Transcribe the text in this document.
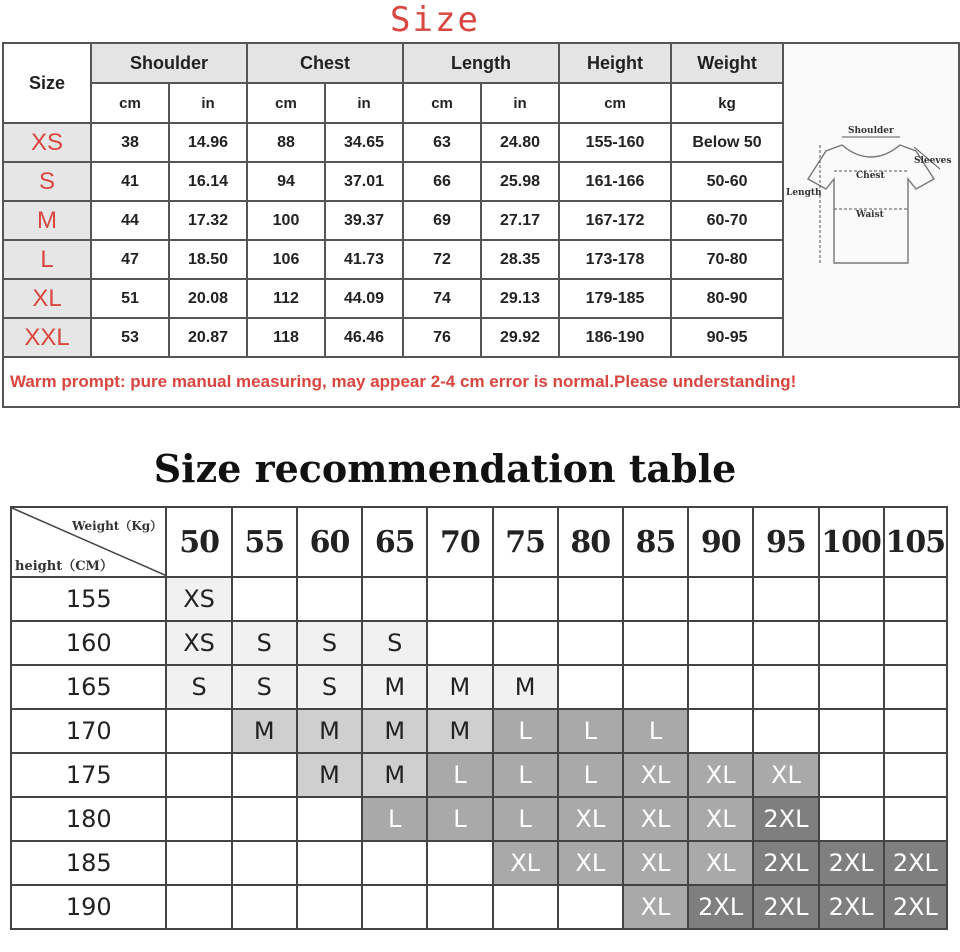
Size
Size	Shoulder		Chest		Length		Height	Weight	Shoulder
Sleeves
Chest
Length
Waist

	cm	in	cm	in	cm	in	cm	kg	
XS	38	14.96	88	34.65	63	24.80	155-160	Below 50	
S	41	16.14	94	37.01	66	25.98	161-166	50-60	
M	44	17.32	100	39.37	69	27.17	167-172	60-70	
L	47	18.50	106	41.73	72	28.35	173-178	70-80	
XL	51	20.08	112	44.09	74	29.13	179-185	80-90	
XXL	53	20.87	118	46.46	76	29.92	186-190	90-95	
Warm prompt: pure manual measuring, may appear 2-4 cm error is normal.Please understanding!									
Size recommendation table
Weight（Kg）
height（CM）	50	55	60	65	70	75	80	85	90	95	100	105
155	XS											
160	XS	S	S	S								
165	S	S	S	M	M	M						
170		M	M	M	M	L	L	L				
175			M	M	L	L	L	XL	XL	XL		
180				L	L	L	XL	XL	XL	2XL		
185						XL	XL	XL	XL	2XL	2XL	2XL
190								XL	2XL	2XL	2XL	2XL
